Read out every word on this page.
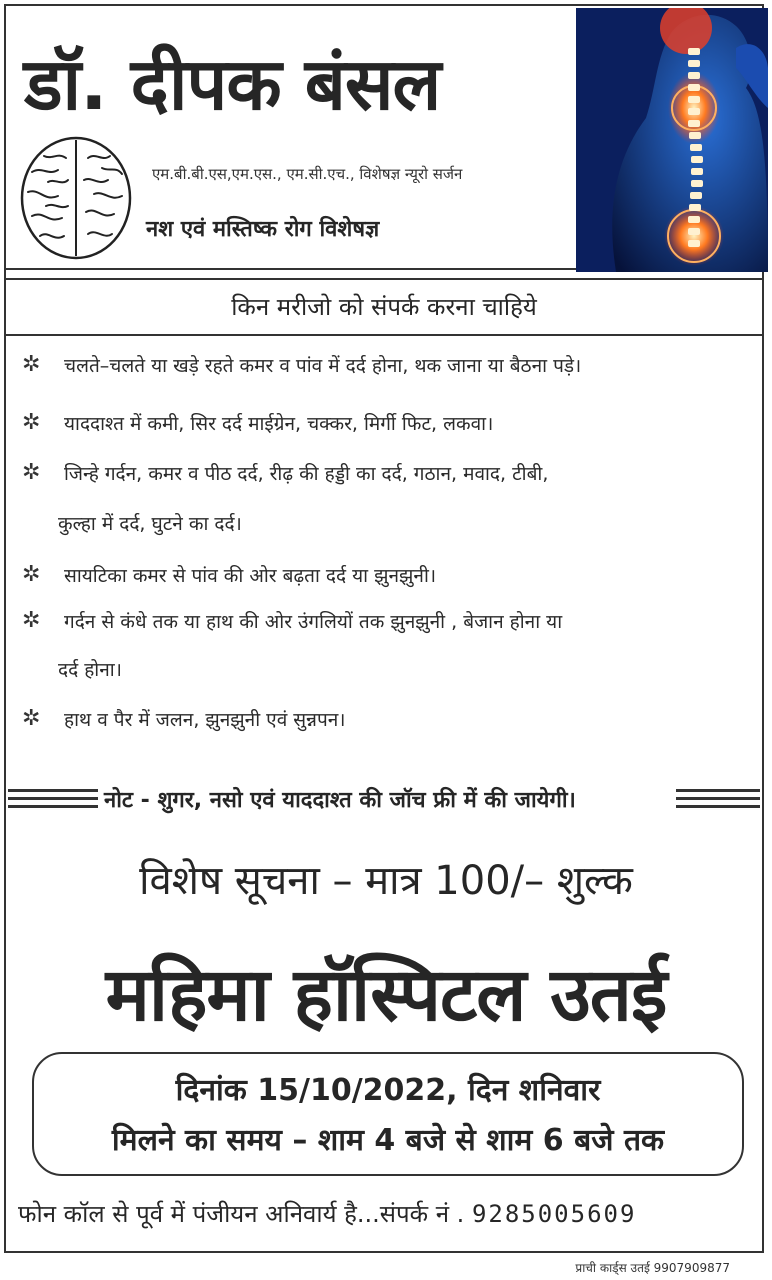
डॉ. दीपक बंसल
एम.बी.बी.एस,एम.एस., एम.सी.एच., विशेषज्ञ न्यूरो सर्जन
नश एवं मस्तिष्क रोग विशेषज्ञ
किन मरीजो को संपर्क करना चाहिये
✲ चलते–चलते या खड़े रहते कमर व पांव में दर्द होना, थक जाना या बैठना पड़े।
✲ याददाश्त में कमी, सिर दर्द माईग्रेन, चक्कर, मिर्गी फिट, लकवा।
✲ जिन्हे गर्दन, कमर व पीठ दर्द, रीढ़ की हड्डी का दर्द, गठान, मवाद, टीबी,
कुल्हा में दर्द, घुटने का दर्द।
✲ सायटिका कमर से पांव की ओर बढ़ता दर्द या झुनझुनी।
✲ गर्दन से कंधे तक या हाथ की ओर उंगलियों तक झुनझुनी , बेजान होना या
दर्द होना।
✲ हाथ व पैर में जलन, झुनझुनी एवं सुन्नपन।
नोट - शुगर, नसो एवं याददाश्त की जॉच फ्री में की जायेगी।
विशेष सूचना – मात्र 100/– शुल्क
महिमा हॉस्पिटल उतई
दिनांक 15/10/2022, दिन शनिवार
मिलने का समय – शाम 4 बजे से शाम 6 बजे तक
फोन कॉल से पूर्व में पंजीयन अनिवार्य है...संपर्क नं . 9285005609
प्राची कार्ड्स उतई 9907909877
